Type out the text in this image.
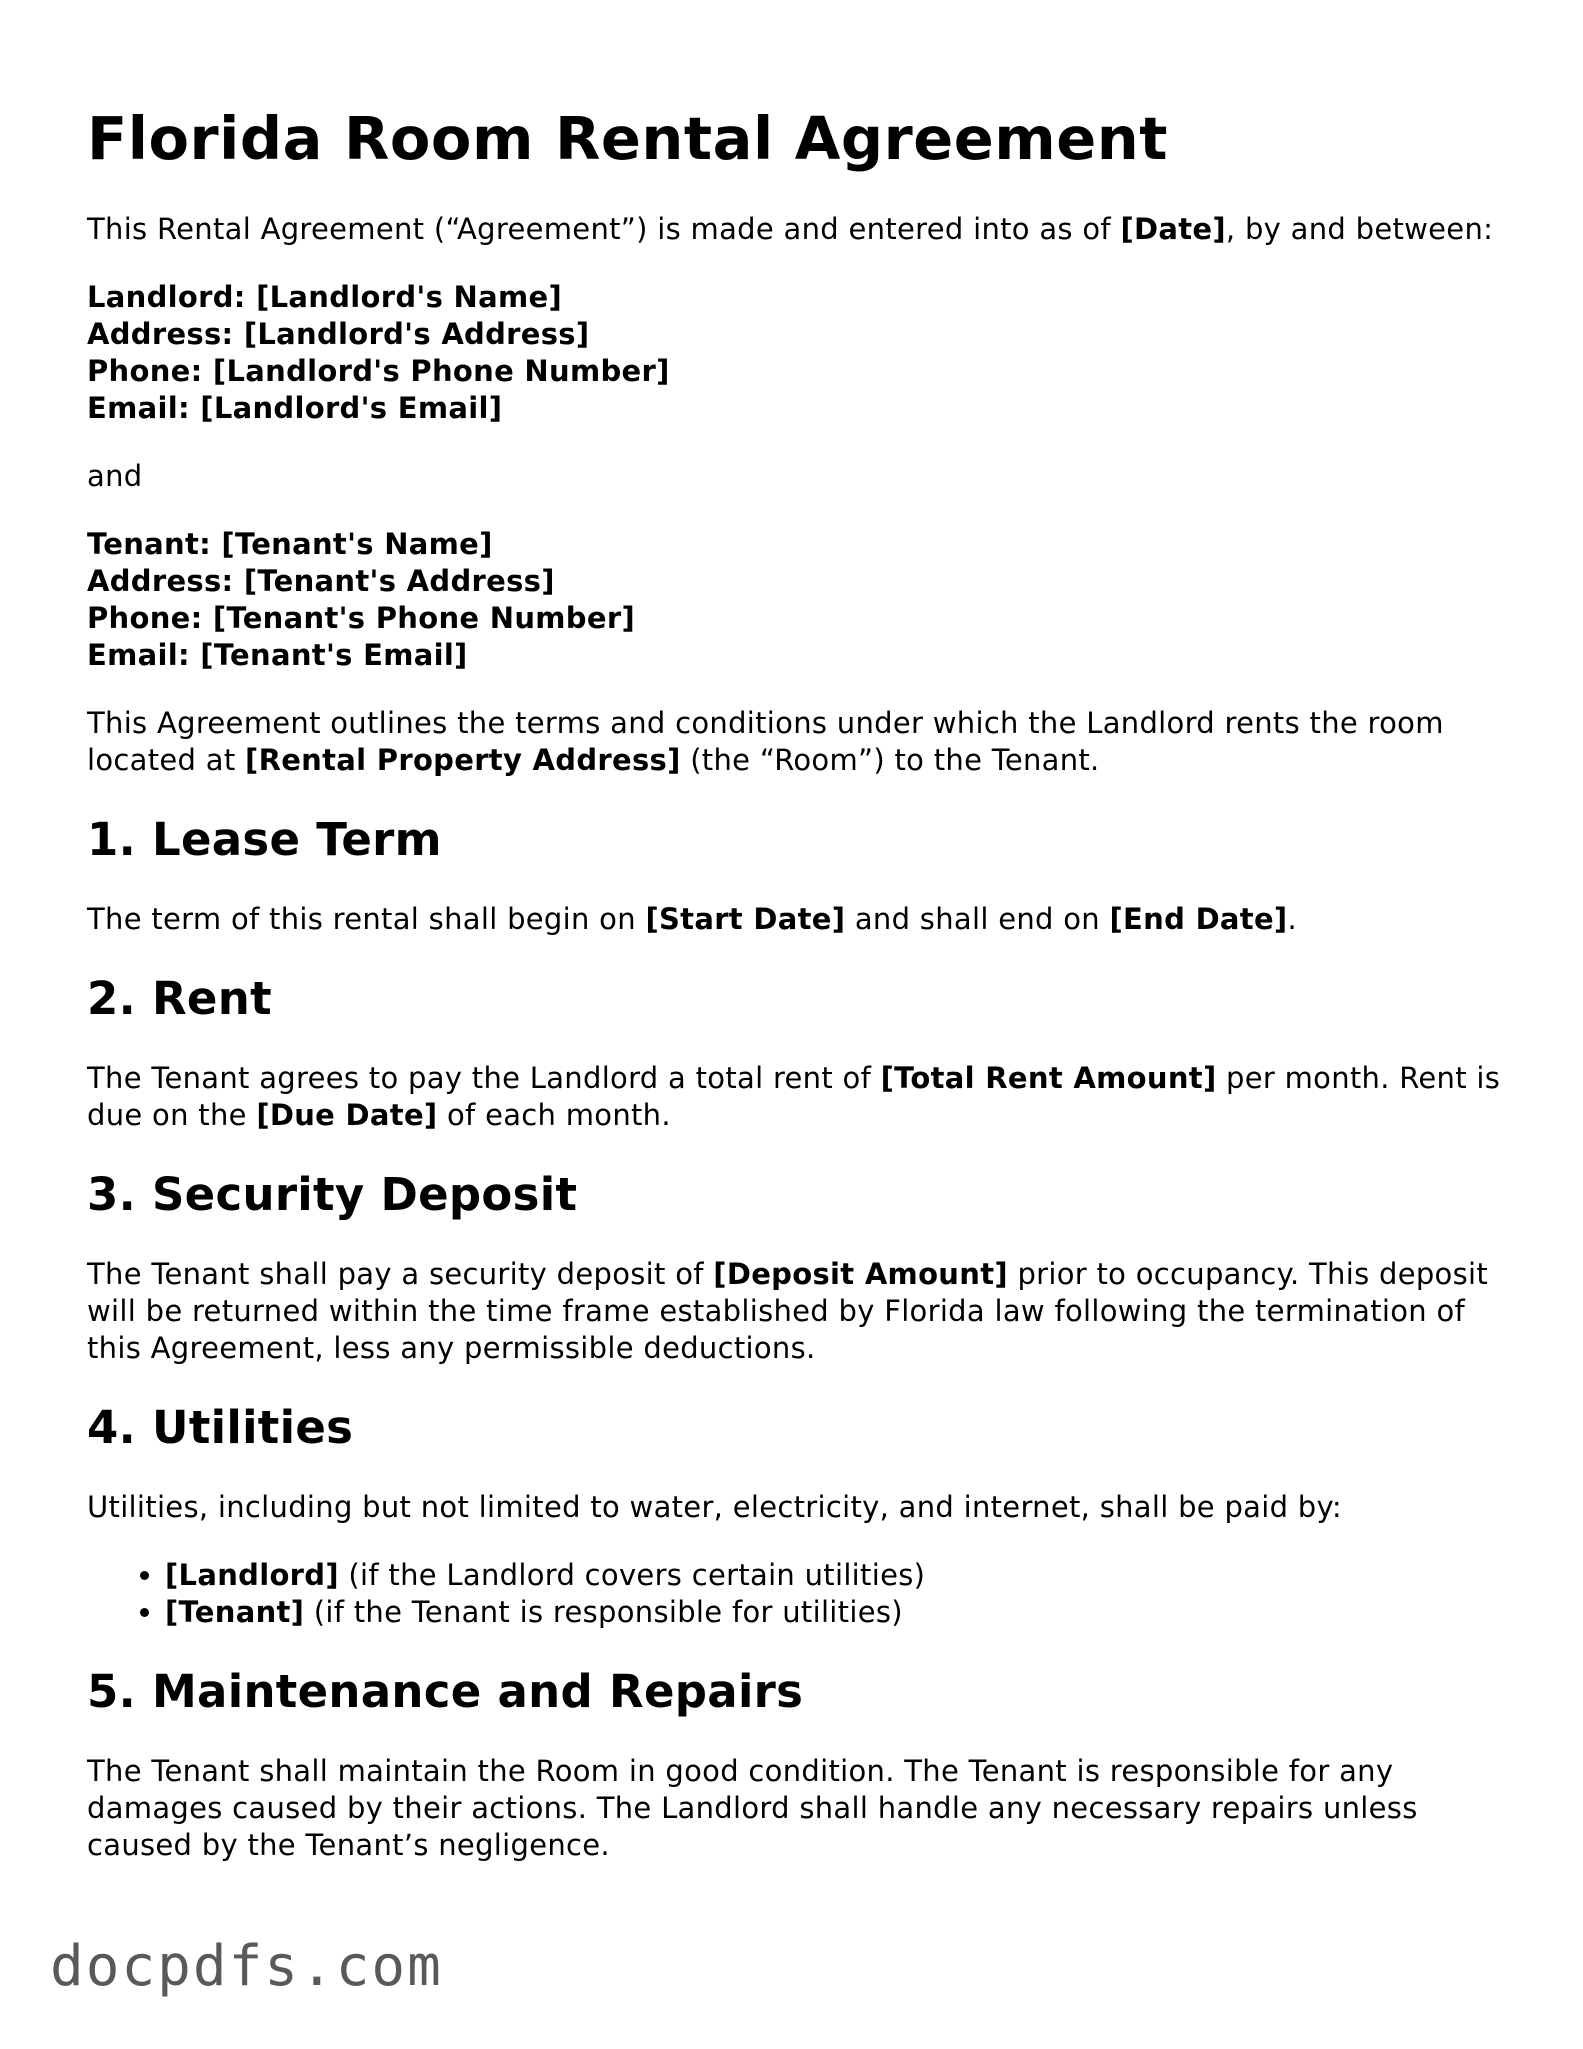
Florida Room Rental Agreement

This Rental Agreement (“Agreement”) is made and entered into as of [Date], by and between:

Landlord: [Landlord's Name]
Address: [Landlord's Address]
Phone: [Landlord's Phone Number]
Email: [Landlord's Email]

and

Tenant: [Tenant's Name]
Address: [Tenant's Address]
Phone: [Tenant's Phone Number]
Email: [Tenant's Email]

This Agreement outlines the terms and conditions under which the Landlord rents the room located at [Rental Property Address] (the “Room”) to the Tenant.

1. Lease Term

The term of this rental shall begin on [Start Date] and shall end on [End Date].

2. Rent

The Tenant agrees to pay the Landlord a total rent of [Total Rent Amount] per month. Rent is due on the [Due Date] of each month.

3. Security Deposit

The Tenant shall pay a security deposit of [Deposit Amount] prior to occupancy. This deposit will be returned within the time frame established by Florida law following the termination of this Agreement, less any permissible deductions.

4. Utilities

Utilities, including but not limited to water, electricity, and internet, shall be paid by:

• [Landlord] (if the Landlord covers certain utilities)
• [Tenant] (if the Tenant is responsible for utilities)
5. Maintenance and Repairs

The Tenant shall maintain the Room in good condition. The Tenant is responsible for any damages caused by their actions. The Landlord shall handle any necessary repairs unless caused by the Tenant’s negligence.

docpdfs.com
